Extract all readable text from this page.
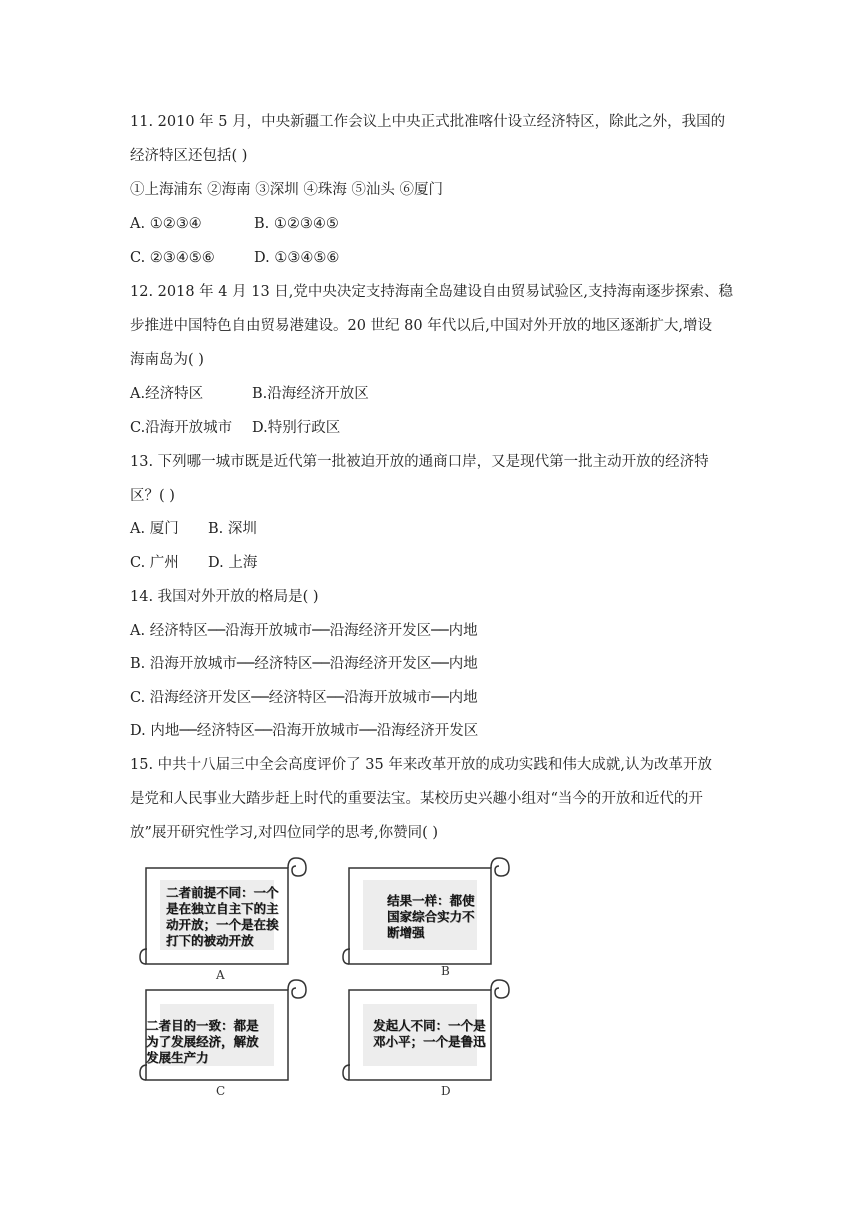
11. 2010 年 5 月，中央新疆工作会议上中央正式批准喀什设立经济特区，除此之外，我国的
经济特区还包括( )
①上海浦东 ②海南 ③深圳 ④珠海 ⑤汕头 ⑥厦门
A. ①②③④	B. ①②③④⑤
C. ②③④⑤⑥	D. ①③④⑤⑥
12. 2018 年 4 月 13 日,党中央决定支持海南全岛建设自由贸易试验区,支持海南逐步探索、稳
步推进中国特色自由贸易港建设。20 世纪 80 年代以后,中国对外开放的地区逐渐扩大,增设
海南岛为( )
A.经济特区	B.沿海经济开放区
C.沿海开放城市 D.特别行政区
13. 下列哪一城市既是近代第一批被迫开放的通商口岸，又是现代第一批主动开放的经济特
区？( )
A. 厦门 B. 深圳
C. 广州 D. 上海
14. 我国对外开放的格局是( )
A. 经济特区──沿海开放城市──沿海经济开发区──内地
B. 沿海开放城市──经济特区──沿海经济开发区──内地
C. 沿海经济开发区──经济特区──沿海开放城市──内地
D. 内地──经济特区──沿海开放城市──沿海经济开发区
15. 中共十八届三中全会高度评价了 35 年来改革开放的成功实践和伟大成就,认为改革开放
是党和人民事业大踏步赶上时代的重要法宝。某校历史兴趣小组对“当今的开放和近代的开
放”展开研究性学习,对四位同学的思考,你赞同( )
二者前提不同：一个
是在独立自主下的主
动开放；一个是在挨
打下的被动开放
A
结果一样：都使
国家综合实力不
断增强
B
二者目的一致：都是
为了发展经济，解放
发展生产力
C
发起人不同：一个是
邓小平；一个是鲁迅
D
